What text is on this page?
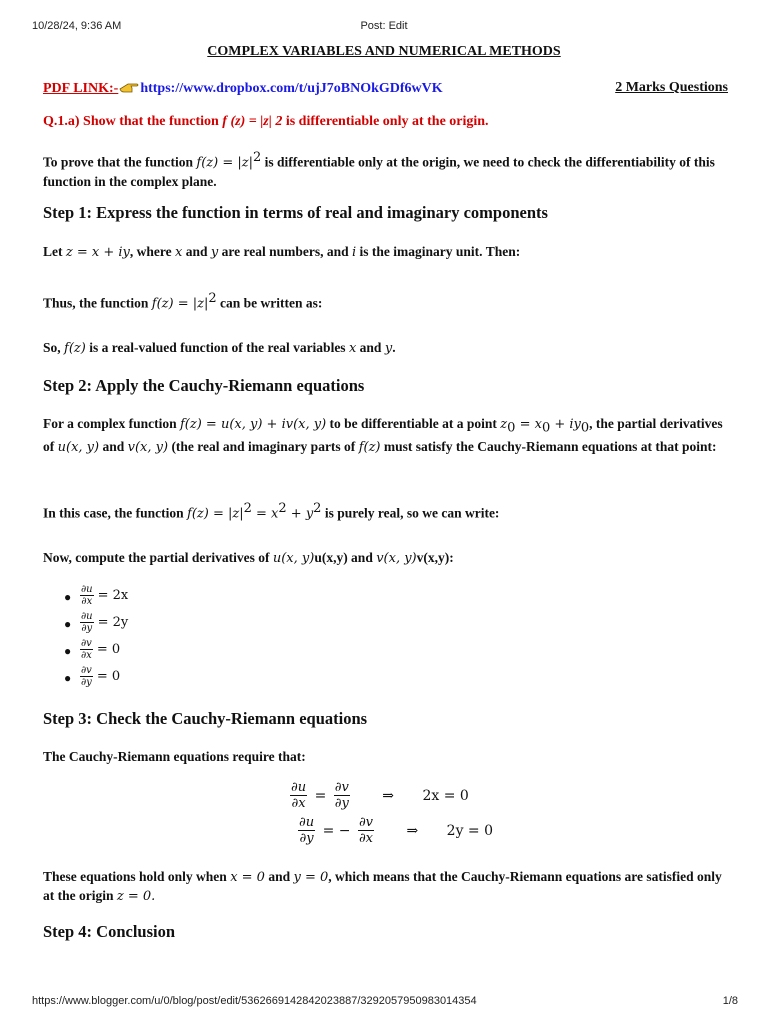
10/28/24, 9:36 AM	Post: Edit
COMPLEX VARIABLES AND NUMERICAL METHODS
PDF LINK:- https://www.dropbox.com/t/ujJ7oBNOkGDf6wVK	2 Marks Questions
Q.1.a) Show that the function f (z) = |z| 2 is differentiable only at the origin.
To prove that the function $f(z) = |z|^2$ is differentiable only at the origin, we need to check the differentiability of this function in the complex plane.
Step 1: Express the function in terms of real and imaginary components
Let z = x + iy, where x and y are real numbers, and i is the imaginary unit. Then:
Thus, the function $f(z) = |z|^2$ can be written as:
So, f(z) is a real-valued function of the real variables x and y.
Step 2: Apply the Cauchy-Riemann equations
For a complex function f(z) = u(x, y) + iv(x, y) to be differentiable at a point $z_0 = x_0 + iy_0$, the partial derivatives of u(x, y) and v(x, y) (the real and imaginary parts of f(z) must satisfy the Cauchy-Riemann equations at that point:
In this case, the function $f(z) = |z|^2 = x^2 + y^2$ is purely real, so we can write:
Now, compute the partial derivatives of u(x, y)u(x,y) and v(x, y)v(x,y):
● $\frac{\partial u}{\partial x} = 2x$
● $\frac{\partial u}{\partial y} = 2y$
● $\frac{\partial v}{\partial x} = 0$
● $\frac{\partial v}{\partial y} = 0$
Step 3: Check the Cauchy-Riemann equations
The Cauchy-Riemann equations require that:
$\frac{\partial u}{\partial x} = \frac{\partial v}{\partial y}$ ⇒ 2x = 0
$\frac{\partial u}{\partial y}$ = − $\frac{\partial v}{\partial x}$ ⇒ 2y = 0
These equations hold only when x = 0 and y = 0, which means that the Cauchy-Riemann equations are satisfied only at the origin z = 0.
Step 4: Conclusion
https://www.blogger.com/u/0/blog/post/edit/5362669142842023887/3292057950983014354	1/8
